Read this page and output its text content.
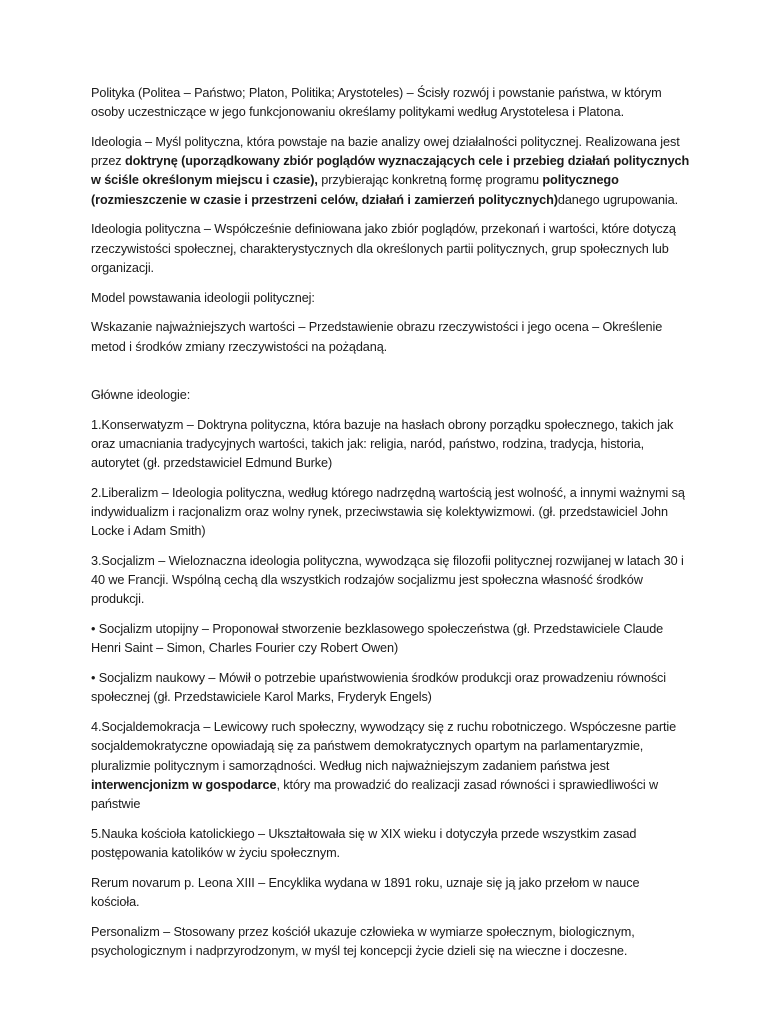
Polityka (Politea – Państwo; Platon, Politika; Arystoteles) – Ścisły rozwój i powstanie państwa, w którym osoby uczestniczące w jego funkcjonowaniu określamy politykami według Arystotelesa i Platona.

Ideologia – Myśl polityczna, która powstaje na bazie analizy owej działalności politycznej. Realizowana jest przez doktrynę (uporządkowany zbiór poglądów wyznaczających cele i przebieg działań politycznych w ściśle określonym miejscu i czasie), przybierając konkretną formę programu politycznego (rozmieszczenie w czasie i przestrzeni celów, działań i zamierzeń politycznych)danego ugrupowania.

Ideologia polityczna – Współcześnie definiowana jako zbiór poglądów, przekonań i wartości, które dotyczą rzeczywistości społecznej, charakterystycznych dla określonych partii politycznych, grup społecznych lub organizacji.

Model powstawania ideologii politycznej:

Wskazanie najważniejszych wartości – Przedstawienie obrazu rzeczywistości i jego ocena – Określenie metod i środków zmiany rzeczywistości na pożądaną.

Główne ideologie:

1.Konserwatyzm – Doktryna polityczna, która bazuje na hasłach obrony porządku społecznego, takich jak oraz umacniania tradycyjnych wartości, takich jak: religia, naród, państwo, rodzina, tradycja, historia, autorytet (gł. przedstawiciel Edmund Burke)

2.Liberalizm – Ideologia polityczna, według którego nadrzędną wartością jest wolność, a innymi ważnymi są indywidualizm i racjonalizm oraz wolny rynek, przeciwstawia się kolektywizmowi. (gł. przedstawiciel John Locke i Adam Smith)

3.Socjalizm – Wieloznaczna ideologia polityczna, wywodząca się filozofii politycznej rozwijanej w latach 30 i 40 we Francji. Wspólną cechą dla wszystkich rodzajów socjalizmu jest społeczna własność środków produkcji.

• Socjalizm utopijny – Proponował stworzenie bezklasowego społeczeństwa (gł. Przedstawiciele Claude Henri Saint – Simon, Charles Fourier czy Robert Owen)

• Socjalizm naukowy – Mówił o potrzebie upaństwowienia środków produkcji oraz prowadzeniu równości społecznej (gł. Przedstawiciele Karol Marks, Fryderyk Engels)

4.Socjaldemokracja – Lewicowy ruch społeczny, wywodzący się z ruchu robotniczego. Wspóczesne partie socjaldemokratyczne opowiadają się za państwem demokratycznych opartym na parlamentaryzmie, pluralizmie politycznym i samorządności. Według nich najważniejszym zadaniem państwa jest interwencjonizm w gospodarce, który ma prowadzić do realizacji zasad równości i sprawiedliwości w państwie

5.Nauka kościoła katolickiego – Ukształtowała się w XIX wieku i dotyczyła przede wszystkim zasad postępowania katolików w życiu społecznym.

Rerum novarum p. Leona XIII – Encyklika wydana w 1891 roku, uznaje się ją jako przełom w nauce kościoła.

Personalizm – Stosowany przez kościół ukazuje człowieka w wymiarze społecznym, biologicznym, psychologicznym i nadprzyrodzonym, w myśl tej koncepcji życie dzieli się na wieczne i doczesne.
